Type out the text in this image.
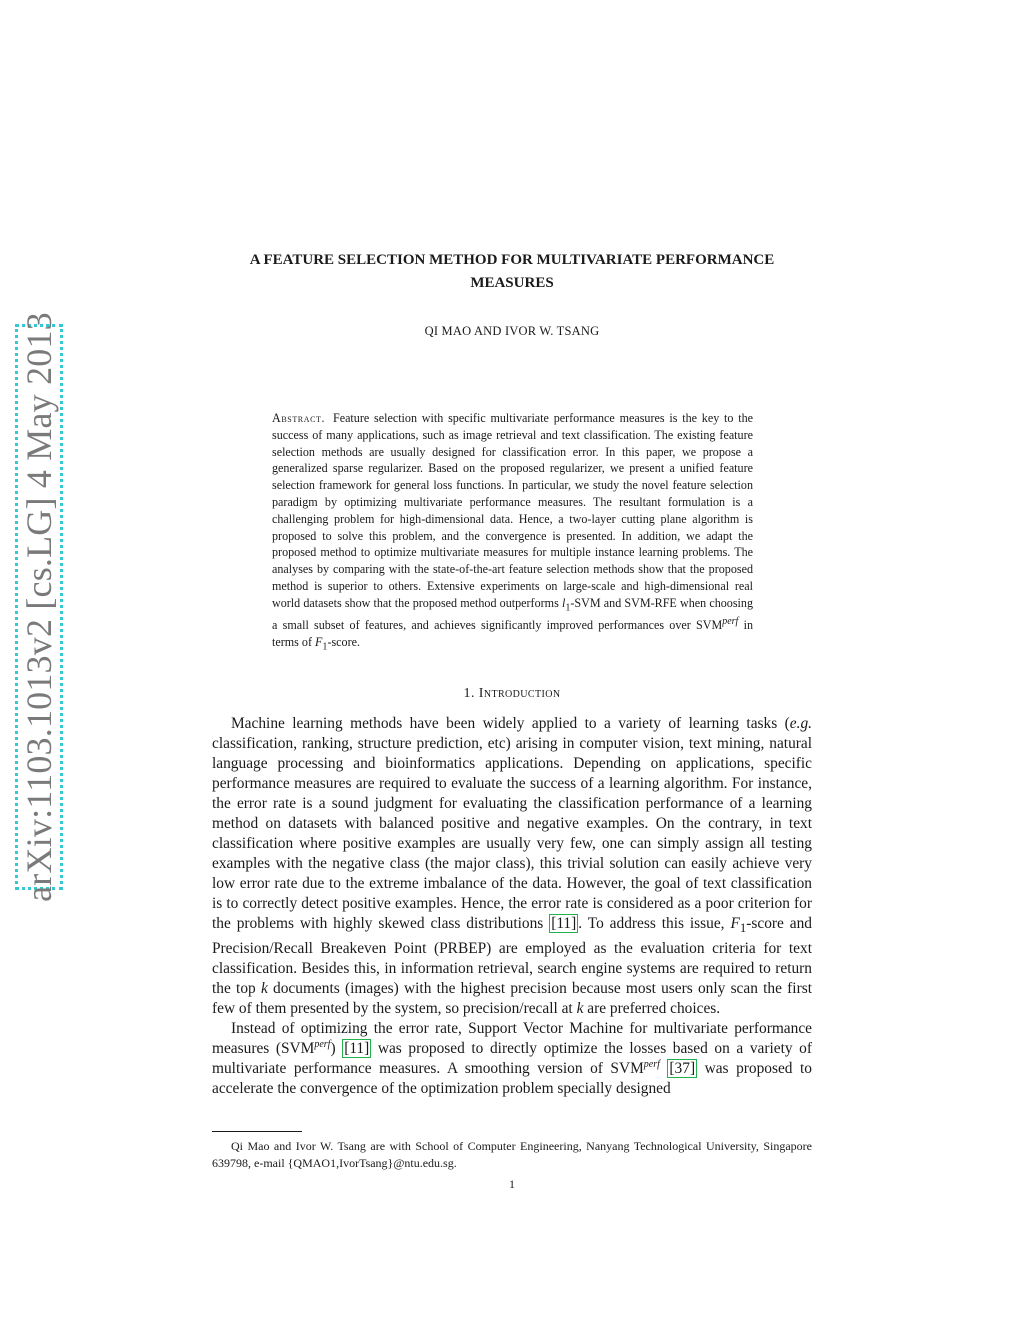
arXiv:1103.1013v2 [cs.LG] 4 May 2013
A FEATURE SELECTION METHOD FOR MULTIVARIATE PERFORMANCE
MEASURES
QI MAO AND IVOR W. TSANG
Abstract. Feature selection with specific multivariate performance measures is the key to the success of many applications, such as image retrieval and text classification. The existing feature selection methods are usually designed for classification error. In this paper, we propose a generalized sparse regularizer. Based on the proposed regularizer, we present a unified feature selection framework for general loss functions. In particular, we study the novel feature selection paradigm by optimizing multivariate performance measures. The resultant formulation is a challenging problem for high-dimensional data. Hence, a two-layer cutting plane algorithm is proposed to solve this problem, and the convergence is presented. In addition, we adapt the proposed method to optimize multivariate measures for multiple instance learning problems. The analyses by comparing with the state-of-the-art feature selection methods show that the proposed method is superior to others. Extensive experiments on large-scale and high-dimensional real world datasets show that the proposed method outperforms $l_1$-SVM and SVM-RFE when choosing a small subset of features, and achieves significantly improved performances over $SVM^{perf}$ in terms of $F_1$-score.
1. Introduction

Machine learning methods have been widely applied to a variety of learning tasks (e.g. classification, ranking, structure prediction, etc) arising in computer vision, text mining, natural language processing and bioinformatics applications. Depending on applications, specific performance measures are required to evaluate the success of a learning algorithm. For instance, the error rate is a sound judgment for evaluating the classification performance of a learning method on datasets with balanced positive and negative examples. On the contrary, in text classification where positive examples are usually very few, one can simply assign all testing examples with the negative class (the major class), this trivial solution can easily achieve very low error rate due to the extreme imbalance of the data. However, the goal of text classification is to correctly detect positive examples. Hence, the error rate is considered as a poor criterion for the problems with highly skewed class distributions [11] . To address this issue, $F_1$-score and Precision/Recall Breakeven Point (PRBEP) are employed as the evaluation criteria for text classification. Besides this, in information retrieval, search engine systems are required to return the top k documents (images) with the highest precision because most users only scan the first few of them presented by the system, so precision/recall at k are preferred choices.

Instead of optimizing the error rate, Support Vector Machine for multivariate performance measures $(SVM^{perf})$ [11] was proposed to directly optimize the losses based on a variety of multivariate performance measures. A smoothing version of $SVM^{perf}$ [37] was proposed to accelerate the convergence of the optimization problem specially designed

Qi Mao and Ivor W. Tsang are with School of Computer Engineering, Nanyang Technological University, Singapore 639798, e-mail {QMAO1,IvorTsang}@ntu.edu.sg.
1
